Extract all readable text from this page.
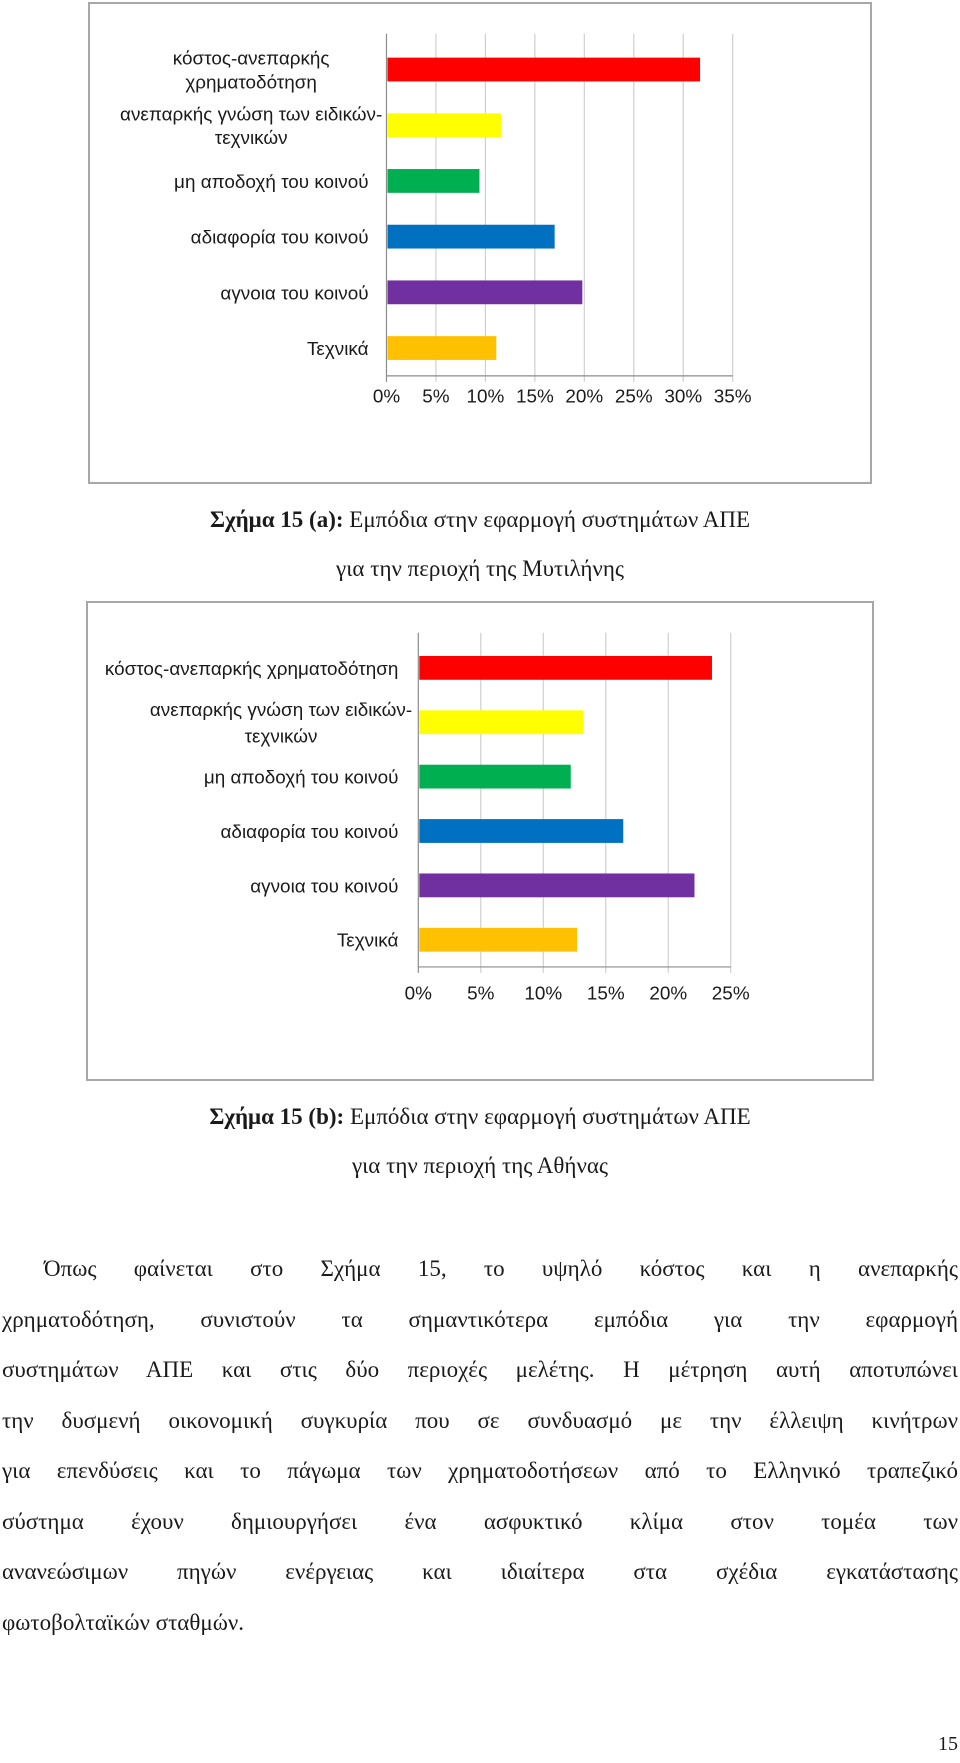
0% 5% 10% 15% 20% 25% 30% 35%
κόστος-ανεπαρκής
χρηματοδότηση
ανεπαρκής γνώση των ειδικών-
τεχνικών
μη αποδοχή του κοινού
αδιαφορία του κοινού
αγνοια του κοινού
Τεχνικά
Σχήμα 15 (a): Εμπόδια στην εφαρμογή συστημάτων ΑΠΕ
για την περιοχή της Μυτιλήνης
0% 5% 10% 15% 20% 25%
κόστος-ανεπαρκής χρηματοδότηση
ανεπαρκής γνώση των ειδικών-
τεχνικών
μη αποδοχή του κοινού
αδιαφορία του κοινού
αγνοια του κοινού
Τεχνικά
Σχήμα 15 (b): Εμπόδια στην εφαρμογή συστημάτων ΑΠΕ
για την περιοχή της Αθήνας
Όπως φαίνεται στο Σχήμα 15, το υψηλό κόστος και η ανεπαρκής
χρηματοδότηση, συνιστούν τα σημαντικότερα εμπόδια για την εφαρμογή
συστημάτων ΑΠΕ και στις δύο περιοχές μελέτης. Η μέτρηση αυτή αποτυπώνει
την δυσμενή οικονομική συγκυρία που σε συνδυασμό με την έλλειψη κινήτρων
για επενδύσεις και το πάγωμα των χρηματοδοτήσεων από το Ελληνικό τραπεζικό
σύστημα έχουν δημιουργήσει ένα ασφυκτικό κλίμα στον τομέα των
ανανεώσιμων πηγών ενέργειας και ιδιαίτερα στα σχέδια εγκατάστασης
φωτοβολταϊκών σταθμών.
15
